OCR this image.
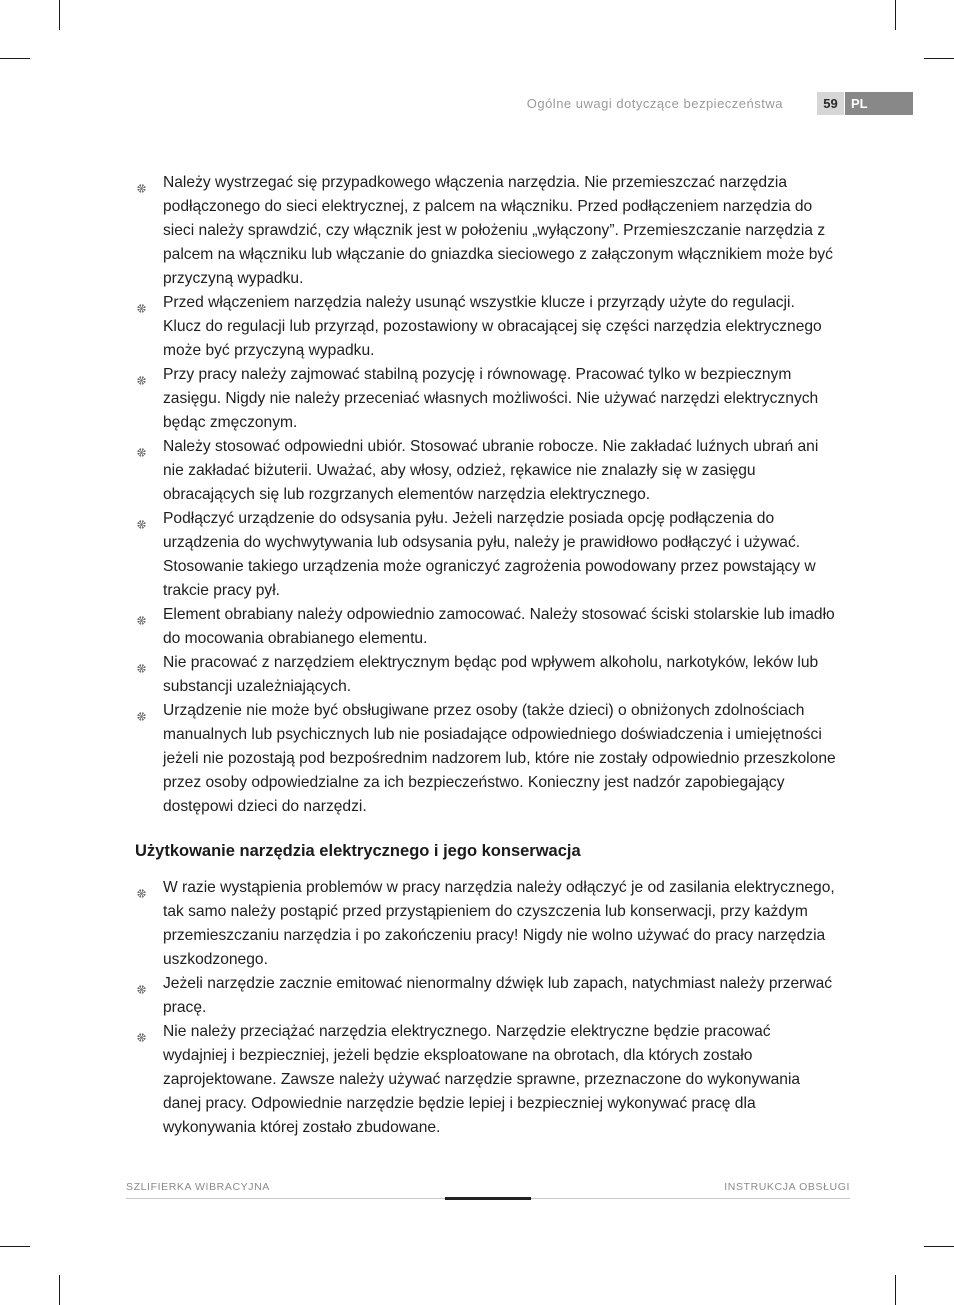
Ogólne uwagi dotyczące bezpieczeństwa	59	PL
Należy wystrzegać się przypadkowego włączenia narzędzia. Nie przemieszczać narzędzia podłączonego do sieci elektrycznej, z palcem na włączniku. Przed podłączeniem narzędzia do sieci należy sprawdzić, czy włącznik jest w położeniu „wyłączony”. Przemieszczanie narzędzia z palcem na włączniku lub włączanie do gniazdka sieciowego z załączonym włącznikiem może być przyczyną wypadku.
Przed włączeniem narzędzia należy usunąć wszystkie klucze i przyrządy użyte do regulacji. Klucz do regulacji lub przyrząd, pozostawiony w obracającej się części narzędzia elektrycznego może być przyczyną wypadku.
Przy pracy należy zajmować stabilną pozycję i równowagę. Pracować tylko w bezpiecznym zasięgu. Nigdy nie należy przeceniać własnych możliwości. Nie używać narzędzi elektrycznych będąc zmęczonym.
Należy stosować odpowiedni ubiór. Stosować ubranie robocze. Nie zakładać luźnych ubrań ani nie zakładać biżuterii. Uważać, aby włosy, odzież, rękawice nie znalazły się w zasięgu obracających się lub rozgrzanych elementów narzędzia elektrycznego.
Podłączyć urządzenie do odsysania pyłu. Jeżeli narzędzie posiada opcję podłączenia do urządzenia do wychwytywania lub odsysania pyłu, należy je prawidłowo podłączyć i używać. Stosowanie takiego urządzenia może ograniczyć zagrożenia powodowany przez powstający w trakcie pracy pył.
Element obrabiany należy odpowiednio zamocować. Należy stosować ściski stolarskie lub imadło do mocowania obrabianego elementu.
Nie pracować z narzędziem elektrycznym będąc pod wpływem alkoholu, narkotyków, leków lub substancji uzależniających.
Urządzenie nie może być obsługiwane przez osoby (także dzieci) o obniżonych zdolnościach manualnych lub psychicznych lub nie posiadające odpowiedniego doświadczenia i umiejętności jeżeli nie pozostają pod bezpośrednim nadzorem lub, które nie zostały odpowiednio przeszkolone przez osoby odpowiedzialne za ich bezpieczeństwo. Konieczny jest nadzór zapobiegający dostępowi dzieci do narzędzi.
Użytkowanie narzędzia elektrycznego i jego konserwacja
W razie wystąpienia problemów w pracy narzędzia należy odłączyć je od zasilania elektrycznego, tak samo należy postąpić przed przystąpieniem do czyszczenia lub konserwacji, przy każdym przemieszczaniu narzędzia i po zakończeniu pracy! Nigdy nie wolno używać do pracy narzędzia uszkodzonego.
Jeżeli narzędzie zacznie emitować nienormalny dźwięk lub zapach, natychmiast należy przerwać pracę.
Nie należy przeciążać narzędzia elektrycznego. Narzędzie elektryczne będzie pracować wydajniej i bezpieczniej, jeżeli będzie eksploatowane na obrotach, dla których zostało zaprojektowane. Zawsze należy używać narzędzie sprawne, przeznaczone do wykonywania danej pracy. Odpowiednie narzędzie będzie lepiej i bezpieczniej wykonywać pracę dla wykonywania której zostało zbudowane.
SZLIFIERKA WIBRACYJNA	INSTRUKCJA OBSŁUGI
